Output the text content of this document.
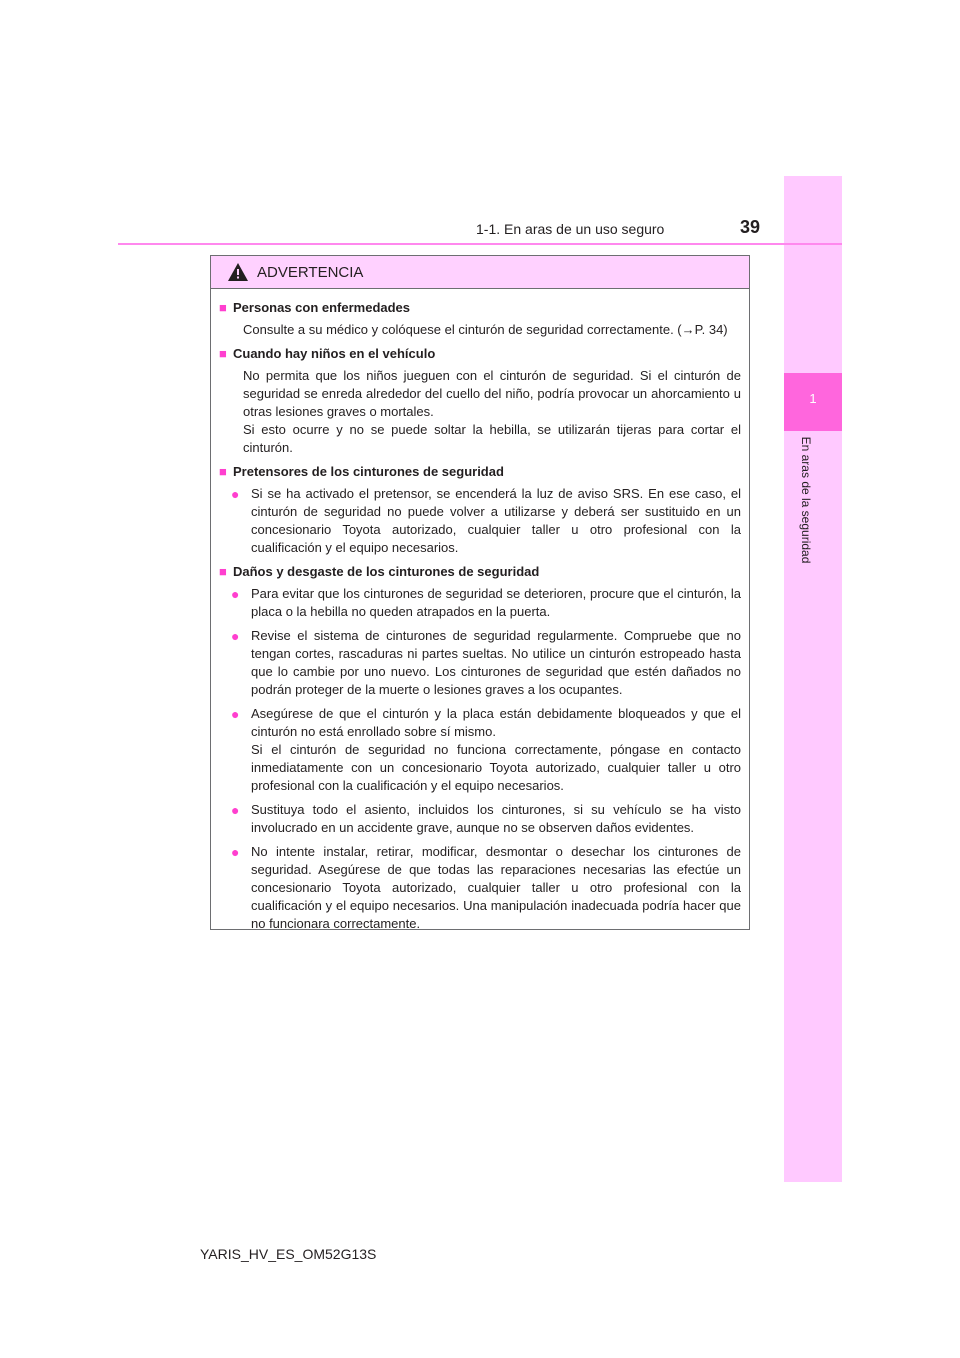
1
En aras de la seguridad
1-1. En aras de un uso seguro	39
ADVERTENCIA
■ Personas con enfermedades
Consulte a su médico y colóquese el cinturón de seguridad correctamente. (→P. 34)
■ Cuando hay niños en el vehículo
No permita que los niños jueguen con el cinturón de seguridad. Si el cinturón de seguridad se enreda alrededor del cuello del niño, podría provocar un ahorcamiento u otras lesiones graves o mortales.
Si esto ocurre y no se puede soltar la hebilla, se utilizarán tijeras para cortar el cinturón.
■ Pretensores de los cinturones de seguridad
● Si se ha activado el pretensor, se encenderá la luz de aviso SRS. En ese caso, el cinturón de seguridad no puede volver a utilizarse y deberá ser sustituido en un concesionario Toyota autorizado, cualquier taller u otro profesional con la cualificación y el equipo necesarios.
■ Daños y desgaste de los cinturones de seguridad
● Para evitar que los cinturones de seguridad se deterioren, procure que el cinturón, la placa o la hebilla no queden atrapados en la puerta.
● Revise el sistema de cinturones de seguridad regularmente. Compruebe que no tengan cortes, rascaduras ni partes sueltas. No utilice un cinturón estropeado hasta que lo cambie por uno nuevo. Los cinturones de seguridad que estén dañados no podrán proteger de la muerte o lesiones graves a los ocupantes.
● Asegúrese de que el cinturón y la placa están debidamente bloqueados y que el cinturón no está enrollado sobre sí mismo.
Si el cinturón de seguridad no funciona correctamente, póngase en contacto inmediatamente con un concesionario Toyota autorizado, cualquier taller u otro profesional con la cualificación y el equipo necesarios.
● Sustituya todo el asiento, incluidos los cinturones, si su vehículo se ha visto involucrado en un accidente grave, aunque no se observen daños evidentes.
● No intente instalar, retirar, modificar, desmontar o desechar los cinturones de seguridad. Asegúrese de que todas las reparaciones necesarias las efectúe un concesionario Toyota autorizado, cualquier taller u otro profesional con la cualificación y el equipo necesarios. Una manipulación inadecuada podría hacer que no funcionara correctamente.
YARIS_HV_ES_OM52G13S
